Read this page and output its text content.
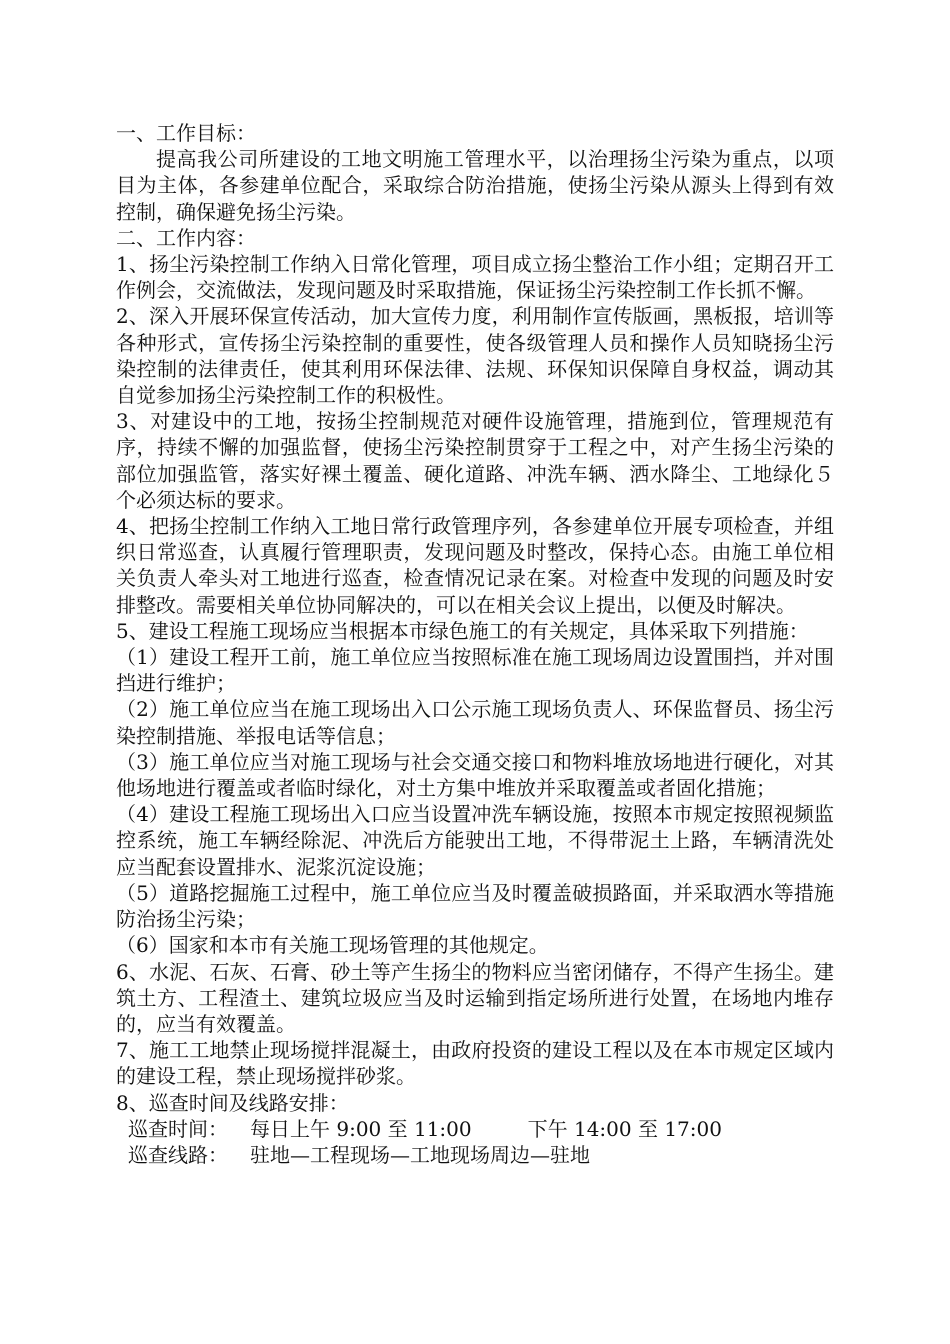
一、工作目标：

提高我公司所建设的工地文明施工管理水平，以治理扬尘污染为重点，以项目为主体，各参建单位配合，采取综合防治措施，使扬尘污染从源头上得到有效控制，确保避免扬尘污染。

二、工作内容：

1、扬尘污染控制工作纳入日常化管理，项目成立扬尘整治工作小组；定期召开工作例会，交流做法，发现问题及时采取措施，保证扬尘污染控制工作长抓不懈。

2、深入开展环保宣传活动，加大宣传力度，利用制作宣传版画，黑板报，培训等各种形式，宣传扬尘污染控制的重要性，使各级管理人员和操作人员知晓扬尘污染控制的法律责任，使其利用环保法律、法规、环保知识保障自身权益，调动其自觉参加扬尘污染控制工作的积极性。

3、对建设中的工地，按扬尘控制规范对硬件设施管理，措施到位，管理规范有序，持续不懈的加强监督，使扬尘污染控制贯穿于工程之中，对产生扬尘污染的部位加强监管，落实好裸土覆盖、硬化道路、冲洗车辆、洒水降尘、工地绿化５个必须达标的要求。

4、把扬尘控制工作纳入工地日常行政管理序列，各参建单位开展专项检查，并组织日常巡查，认真履行管理职责，发现问题及时整改，保持心态。由施工单位相关负责人牵头对工地进行巡查，检查情况记录在案。对检查中发现的问题及时安排整改。需要相关单位协同解决的，可以在相关会议上提出，以便及时解决。

5、建设工程施工现场应当根据本市绿色施工的有关规定，具体采取下列措施：

（1）建设工程开工前，施工单位应当按照标准在施工现场周边设置围挡，并对围挡进行维护；

（2）施工单位应当在施工现场出入口公示施工现场负责人、环保监督员、扬尘污染控制措施、举报电话等信息；

（3）施工单位应当对施工现场与社会交通交接口和物料堆放场地进行硬化，对其他场地进行覆盖或者临时绿化，对土方集中堆放并采取覆盖或者固化措施；

（4）建设工程施工现场出入口应当设置冲洗车辆设施，按照本市规定按照视频监控系统，施工车辆经除泥、冲洗后方能驶出工地，不得带泥土上路，车辆清洗处应当配套设置排水、泥浆沉淀设施；

（5）道路挖掘施工过程中，施工单位应当及时覆盖破损路面，并采取洒水等措施防治扬尘污染；

（6）国家和本市有关施工现场管理的其他规定。

6、水泥、石灰、石膏、砂土等产生扬尘的物料应当密闭储存，不得产生扬尘。建筑土方、工程渣土、建筑垃圾应当及时运输到指定场所进行处置，在场地内堆存的，应当有效覆盖。

7、施工工地禁止现场搅拌混凝土，由政府投资的建设工程以及在本市规定区域内的建设工程，禁止现场搅拌砂浆。

8、巡查时间及线路安排：

巡查时间：	每日上午 9:00 至 11:00	下午 14:00 至 17:00
巡查线路：	驻地—工程现场—工地现场周边—驻地
